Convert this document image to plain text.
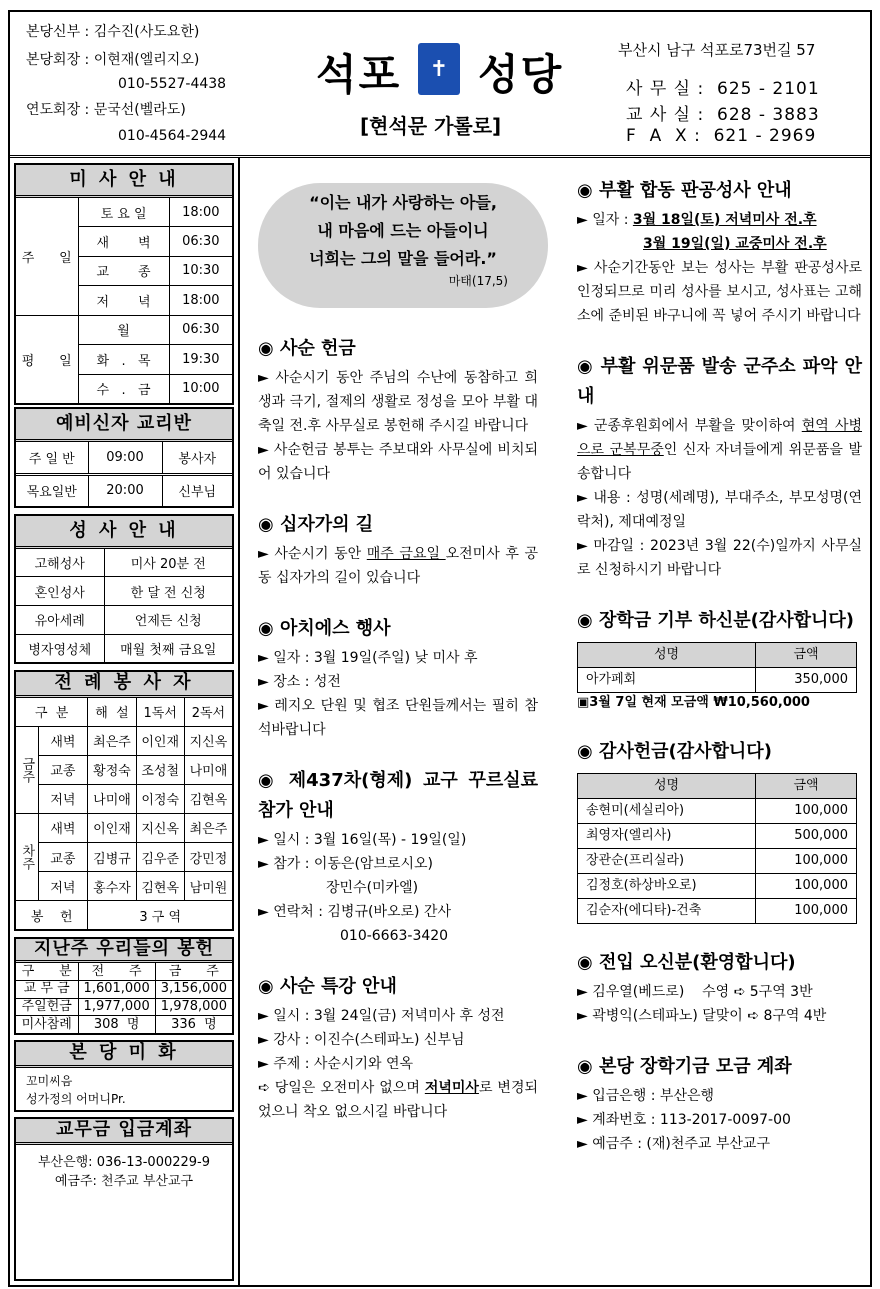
본당신부 : 김수진(사도요한)
본당회장 : 이현재(엘리지오)
010-5527-4438
연도회장 : 문국선(벨라도)
010-4564-2944
석포	✝ 성당
[현석문 가롤로]
부산시 남구 석포로73번길 57
사 무 실 :  625 - 2101
교 사 실 :  628 - 3883
F  A  X :  621 - 2969
미 사 안 내
주      일	토 요 일	18:00
	새       벽	06:30
	교       종	10:30
	저       녁	18:00
평      일	월	06:30
	화   .   목	19:30
	수   .   금	10:00
예비신자 교리반
주 일 반	09:00	봉사자
목요일반	20:00	신부님
성 사 안 내
고해성사	미사 20분 전
혼인성사	한 달 전 신청
유아세례	언제든 신청
병자영성체	매월 첫째 금요일
전 례 봉 사 자
구  분		해  설	1독서	2독서
금주	새벽	최은주	이인재	지신옥
	교종	황정숙	조성철	나미애
	저녁	나미애	이정숙	김현옥
차주	새벽	이인재	지신옥	최은주
	교종	김병규	김우준	강민정
	저녁	홍수자	김현옥	남미원
봉    헌		3 구 역		
지난주 우리들의 봉헌
구      분	전      주	금      주
교 무 금	1,601,000	3,156,000
주일헌금	1,977,000	1,978,000
미사참례	308  명	336  명
본 당 미 화
꼬미씨음
성가정의 어머니Pr.
교무금 입금계좌
부산은행: 036-13-000229-9
예금주: 천주교 부산교구
“이는 내가 사랑하는 아들,
내 마음에 드는 아들이니
너희는 그의 말을 들어라.”
마태(17,5)
◉ 사순 헌금

► 사순시기 동안 주님의 수난에 동참하고 희생과 극기, 절제의 생활로 정성을 모아 부활 대축일 전.후 사무실로 봉헌해 주시길 바랍니다

► 사순헌금 봉투는 주보대와 사무실에 비치되어 있습니다

◉ 십자가의 길

► 사순시기 동안 매주 금요일 오전미사 후 공동 십자가의 길이 있습니다

◉ 아치에스 행사

► 일자 : 3월 19일(주일) 낮 미사 후

► 장소 : 성전

► 레지오 단원 및 협조 단원들께서는 필히 참석바랍니다

◉ 제437차(형제) 교구 꾸르실료 참가 안내

► 일시 : 3월 16일(목) - 19일(일)

► 참가 : 이동은(암브로시오)

장민수(미카엘)

► 연락처 : 김병규(바오로) 간사

010-6663-3420

◉ 사순 특강 안내

► 일시 : 3월 24일(금) 저녁미사 후 성전

► 강사 : 이진수(스테파노) 신부님

► 주제 : 사순시기와 연옥

➪ 당일은 오전미사 없으며 저녁미사로 변경되었으니 착오 없으시길 바랍니다

◉ 부활 합동 판공성사 안내

► 일자 : 3월 18일(토) 저녁미사 전.후

3월 19일(일) 교중미사 전.후

► 사순기간동안 보는 성사는 부활 판공성사로 인정되므로 미리 성사를 보시고, 성사표는 고해소에 준비된 바구니에 꼭 넣어 주시기 바랍니다

◉ 부활 위문품 발송 군주소 파악 안내

► 군종후원회에서 부활을 맞이하여 현역 사병으로 군복무중인 신자 자녀들에게 위문품을 발송합니다

► 내용 : 성명(세례명), 부대주소, 부모성명(연락처), 제대예정일

► 마감일 : 2023년 3월 22(수)일까지 사무실로 신청하시기 바랍니다

◉ 장학금 기부 하신분(감사합니다)
성명	금액
아가페회	350,000

▣3월 7일 현재 모금액 ₩10,560,000

◉ 감사헌금(감사합니다)
성명	금액
송현미(세실리아)	100,000
최영자(엘리사)	500,000
장관순(프리실라)	100,000
김정호(하상바오로)	100,000
김순자(에디타)-건축	100,000
◉ 전입 오신분(환영합니다)

► 김우열(베드로)    수영 ➪ 5구역 3반

► 곽병익(스테파노) 달맞이 ➪ 8구역 4반

◉ 본당 장학기금 모금 계좌

► 입금은행 : 부산은행

► 계좌번호 : 113-2017-0097-00

► 예금주 : (재)천주교 부산교구
